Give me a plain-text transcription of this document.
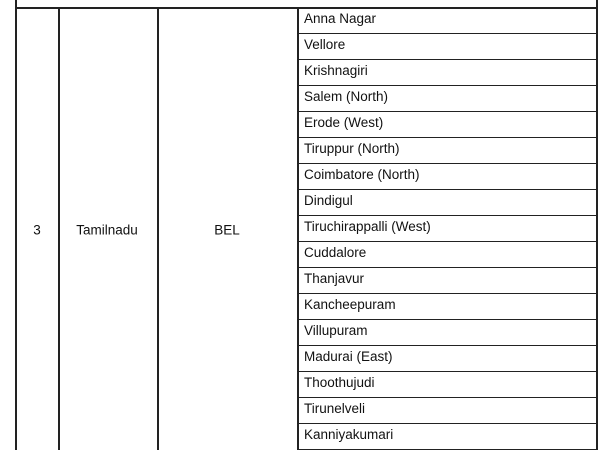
3	Tamilnadu	BEL
Anna Nagar
Vellore
Krishnagiri
Salem (North)
Erode (West)
Tiruppur (North)
Coimbatore (North)
Dindigul
Tiruchirappalli (West)
Cuddalore
Thanjavur
Kancheepuram
Villupuram
Madurai (East)
Thoothujudi
Tirunelveli
Kanniyakumari
